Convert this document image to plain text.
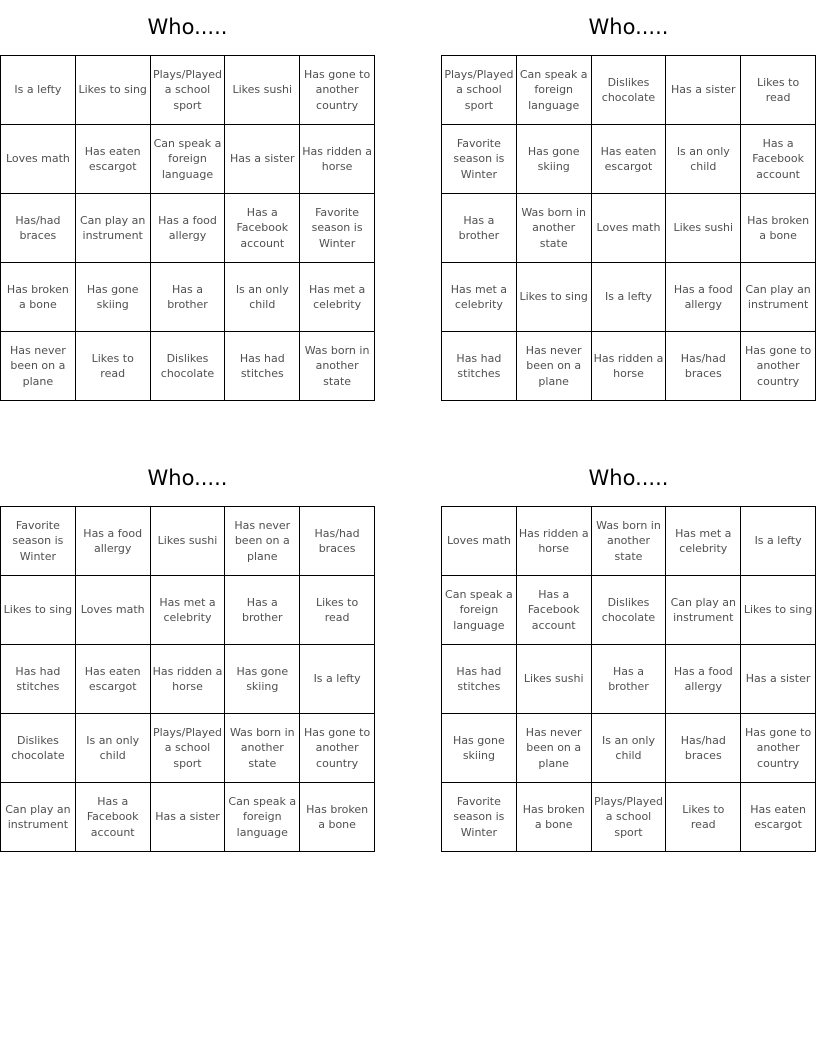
Who.....
Is a lefty	Likes to sing	Plays/Played a school sport	Likes sushi	Has gone to another country
Loves math	Has eaten escargot	Can speak a foreign language	Has a sister	Has ridden a horse
Has/had braces	Can play an instrument	Has a food allergy	Has a Facebook account	Favorite season is Winter
Has broken a bone	Has gone skiing	Has a brother	Is an only child	Has met a celebrity
Has never been on a plane	Likes to read	Dislikes chocolate	Has had stitches	Was born in another state
Who.....
Plays/Played a school sport	Can speak a foreign language	Dislikes chocolate	Has a sister	Likes to read
Favorite season is Winter	Has gone skiing	Has eaten escargot	Is an only child	Has a Facebook account
Has a brother	Was born in another state	Loves math	Likes sushi	Has broken a bone
Has met a celebrity	Likes to sing	Is a lefty	Has a food allergy	Can play an instrument
Has had stitches	Has never been on a plane	Has ridden a horse	Has/had braces	Has gone to another country
Who.....
Favorite season is Winter	Has a food allergy	Likes sushi	Has never been on a plane	Has/had braces
Likes to sing	Loves math	Has met a celebrity	Has a brother	Likes to read
Has had stitches	Has eaten escargot	Has ridden a horse	Has gone skiing	Is a lefty
Dislikes chocolate	Is an only child	Plays/Played a school sport	Was born in another state	Has gone to another country
Can play an instrument	Has a Facebook account	Has a sister	Can speak a foreign language	Has broken a bone
Who.....
Loves math	Has ridden a horse	Was born in another state	Has met a celebrity	Is a lefty
Can speak a foreign language	Has a Facebook account	Dislikes chocolate	Can play an instrument	Likes to sing
Has had stitches	Likes sushi	Has a brother	Has a food allergy	Has a sister
Has gone skiing	Has never been on a plane	Is an only child	Has/had braces	Has gone to another country
Favorite season is Winter	Has broken a bone	Plays/Played a school sport	Likes to read	Has eaten escargot
